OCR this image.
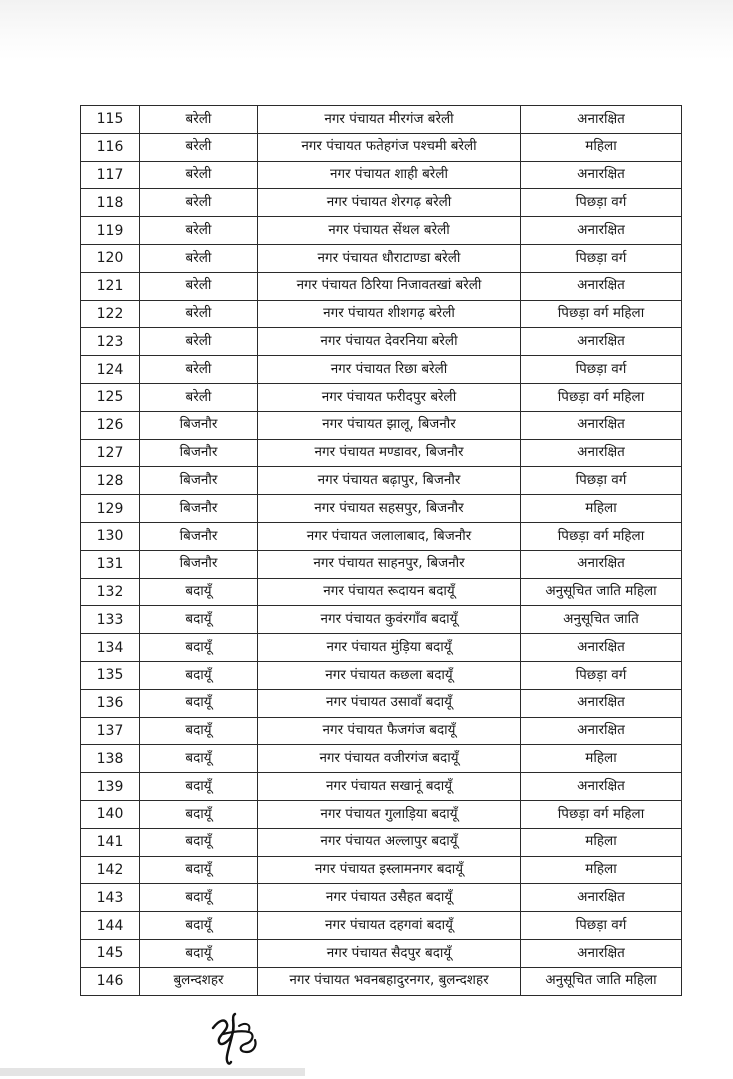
115	बरेली	नगर पंचायत मीरगंज बरेली	अनारक्षित
116	बरेली	नगर पंचायत फतेहगंज पश्चमी बरेली	महिला
117	बरेली	नगर पंचायत शाही बरेली	अनारक्षित
118	बरेली	नगर पंचायत शेरगढ़ बरेली	पिछड़ा वर्ग
119	बरेली	नगर पंचायत सेंथल बरेली	अनारक्षित
120	बरेली	नगर पंचायत धौराटाण्डा बरेली	पिछड़ा वर्ग
121	बरेली	नगर पंचायत ठिरिया निजावतखां बरेली	अनारक्षित
122	बरेली	नगर पंचायत शीशगढ़ बरेली	पिछड़ा वर्ग महिला
123	बरेली	नगर पंचायत देवरनिया बरेली	अनारक्षित
124	बरेली	नगर पंचायत रिछा बरेली	पिछड़ा वर्ग
125	बरेली	नगर पंचायत फरीदपुर बरेली	पिछड़ा वर्ग महिला
126	बिजनौर	नगर पंचायत झालू, बिजनौर	अनारक्षित
127	बिजनौर	नगर पंचायत मण्डावर, बिजनौर	अनारक्षित
128	बिजनौर	नगर पंचायत बढ़ापुर, बिजनौर	पिछड़ा वर्ग
129	बिजनौर	नगर पंचायत सहसपुर, बिजनौर	महिला
130	बिजनौर	नगर पंचायत जलालाबाद, बिजनौर	पिछड़ा वर्ग महिला
131	बिजनौर	नगर पंचायत साहनपुर, बिजनौर	अनारक्षित
132	बदायूँ	नगर पंचायत रूदायन बदायूँ	अनुसूचित जाति महिला
133	बदायूँ	नगर पंचायत कुवंरगाँव बदायूँ	अनुसूचित जाति
134	बदायूँ	नगर पंचायत मुंड़िया बदायूँ	अनारक्षित
135	बदायूँ	नगर पंचायत कछला बदायूँ	पिछड़ा वर्ग
136	बदायूँ	नगर पंचायत उसावाँ बदायूँ	अनारक्षित
137	बदायूँ	नगर पंचायत फैजगंज बदायूँ	अनारक्षित
138	बदायूँ	नगर पंचायत वजीरगंज बदायूँ	महिला
139	बदायूँ	नगर पंचायत सखानूं बदायूँ	अनारक्षित
140	बदायूँ	नगर पंचायत गुलाड़िया बदायूँ	पिछड़ा वर्ग महिला
141	बदायूँ	नगर पंचायत अल्लापुर बदायूँ	महिला
142	बदायूँ	नगर पंचायत इस्लामनगर बदायूँ	महिला
143	बदायूँ	नगर पंचायत उसैहत बदायूँ	अनारक्षित
144	बदायूँ	नगर पंचायत दहगवां बदायूँ	पिछड़ा वर्ग
145	बदायूँ	नगर पंचायत सैदपुर बदायूँ	अनारक्षित
146	बुलन्दशहर	नगर पंचायत भवनबहादुरनगर, बुलन्दशहर	अनुसूचित जाति महिला
